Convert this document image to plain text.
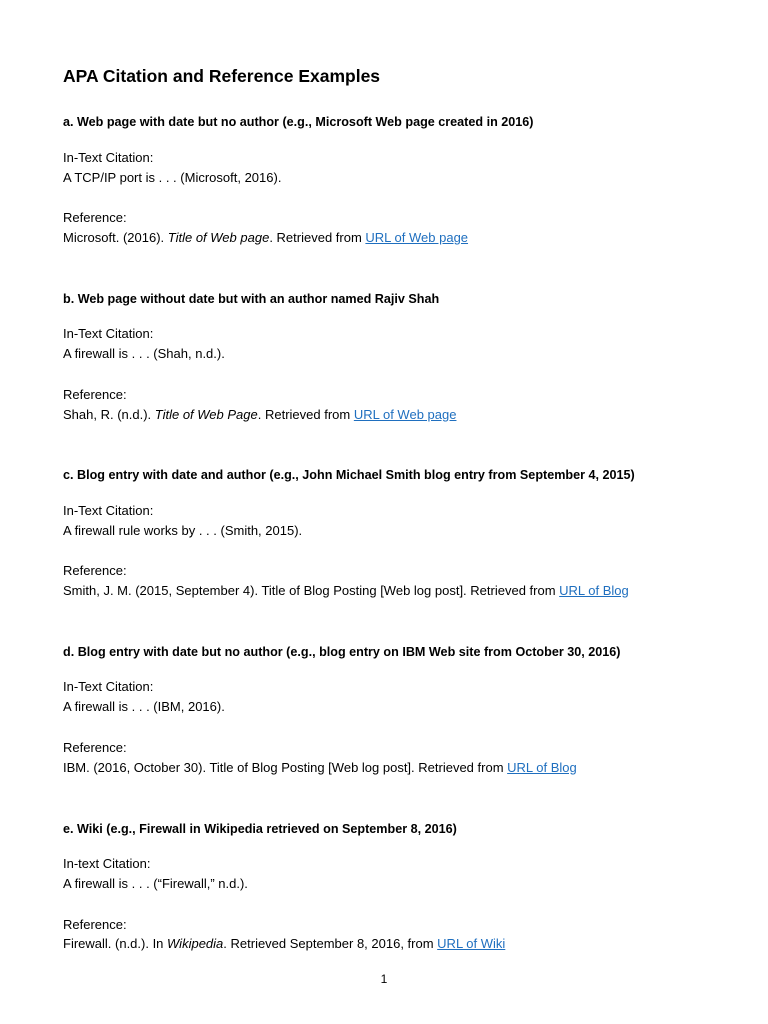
APA Citation and Reference Examples
a. Web page with date but no author (e.g., Microsoft Web page created in 2016)
In-Text Citation:
A TCP/IP port is . . . (Microsoft, 2016).
Reference:
Microsoft. (2016). Title of Web page. Retrieved from URL of Web page
b. Web page without date but with an author named Rajiv Shah
In-Text Citation:
A firewall is . . . (Shah, n.d.).
Reference:
Shah, R. (n.d.). Title of Web Page. Retrieved from URL of Web page
c. Blog entry with date and author (e.g., John Michael Smith blog entry from September 4, 2015)
In-Text Citation:
A firewall rule works by . . . (Smith, 2015).
Reference:
Smith, J. M. (2015, September 4). Title of Blog Posting [Web log post]. Retrieved from URL of Blog
d. Blog entry with date but no author (e.g., blog entry on IBM Web site from October 30, 2016)
In-Text Citation:
A firewall is . . . (IBM, 2016).
Reference:
IBM. (2016, October 30). Title of Blog Posting [Web log post]. Retrieved from URL of Blog
e. Wiki (e.g., Firewall in Wikipedia retrieved on September 8, 2016)
In-text Citation:
A firewall is . . . (“Firewall,” n.d.).
Reference:
Firewall. (n.d.). In Wikipedia. Retrieved September 8, 2016, from URL of Wiki
1
